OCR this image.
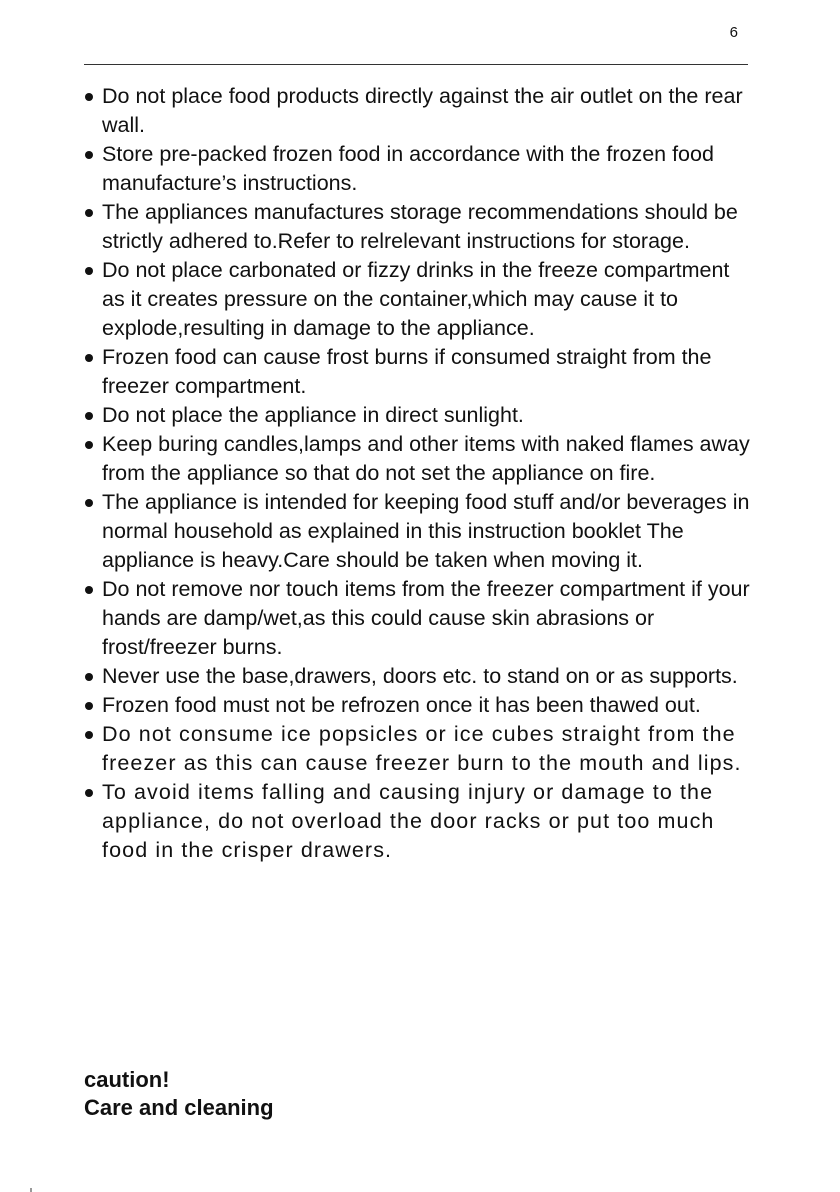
6
Do not place food products directly against the air outlet on the rear wall.
Store pre-packed frozen food in accordance with the frozen food manufacture’s instructions.
The appliances manufactures storage recommendations should be strictly adhered to.Refer to relrelevant instructions for storage.
Do not place carbonated or fizzy drinks in the freeze compartment as it creates pressure on the container,which may cause it to explode,resulting in damage to the appliance.
Frozen food can cause frost burns if consumed straight from the freezer compartment.
Do not place the appliance in direct sunlight.
Keep buring candles,lamps and other items with naked flames away from the appliance so that do not set the appliance on fire.
The appliance is intended for keeping food stuff and/or beverages in normal household as explained in this instruction booklet The appliance is heavy.Care should be taken when moving it.
Do not remove nor touch items from the freezer compartment if your hands are damp/wet,as this could cause skin abrasions or frost/freezer burns.
Never use the base,drawers, doors etc. to stand on or as supports.
Frozen food must not be refrozen once it has been thawed out.
Do not consume ice popsicles or ice cubes straight from the freezer as this can cause freezer burn to the mouth and lips.
To avoid items falling and causing injury or damage to the appliance, do not overload the door racks or put too much food in the crisper drawers.
caution!
Care and cleaning
